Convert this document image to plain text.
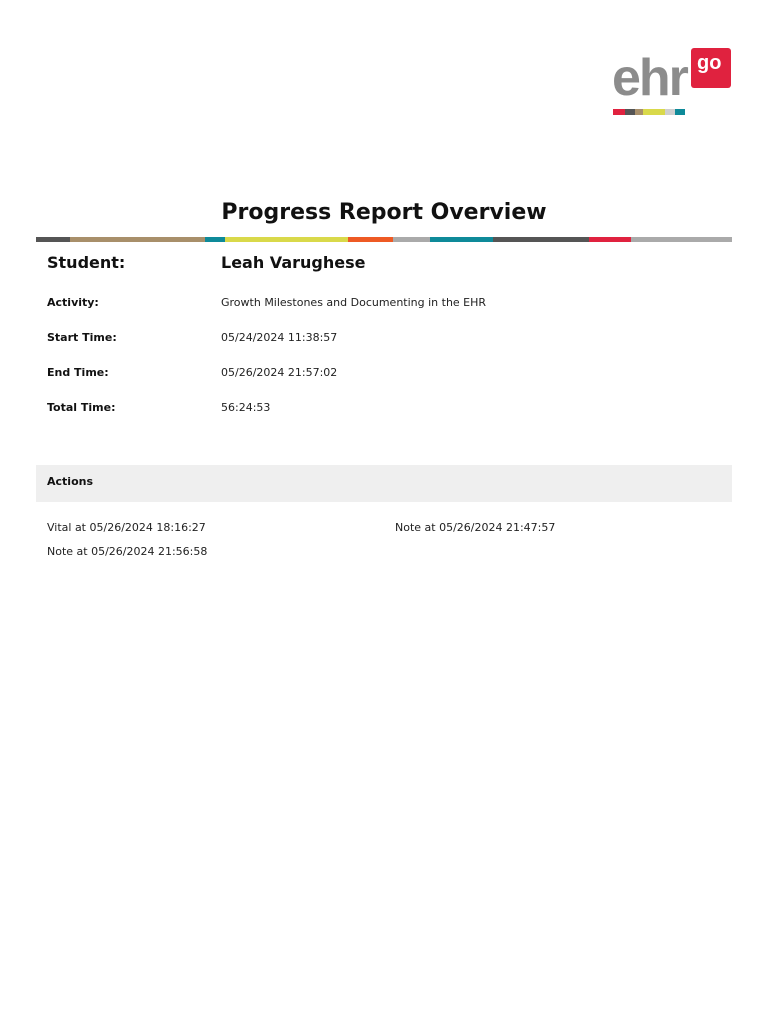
ehr go
Progress Report Overview
Student:	Leah Varughese
Activity:	Growth Milestones and Documenting in the EHR
Start Time:	05/24/2024 11:38:57
End Time:	05/26/2024 21:57:02
Total Time:	56:24:53
Actions
Vital at 05/26/2024 18:16:27	Note at 05/26/2024 21:47:57
Note at 05/26/2024 21:56:58
